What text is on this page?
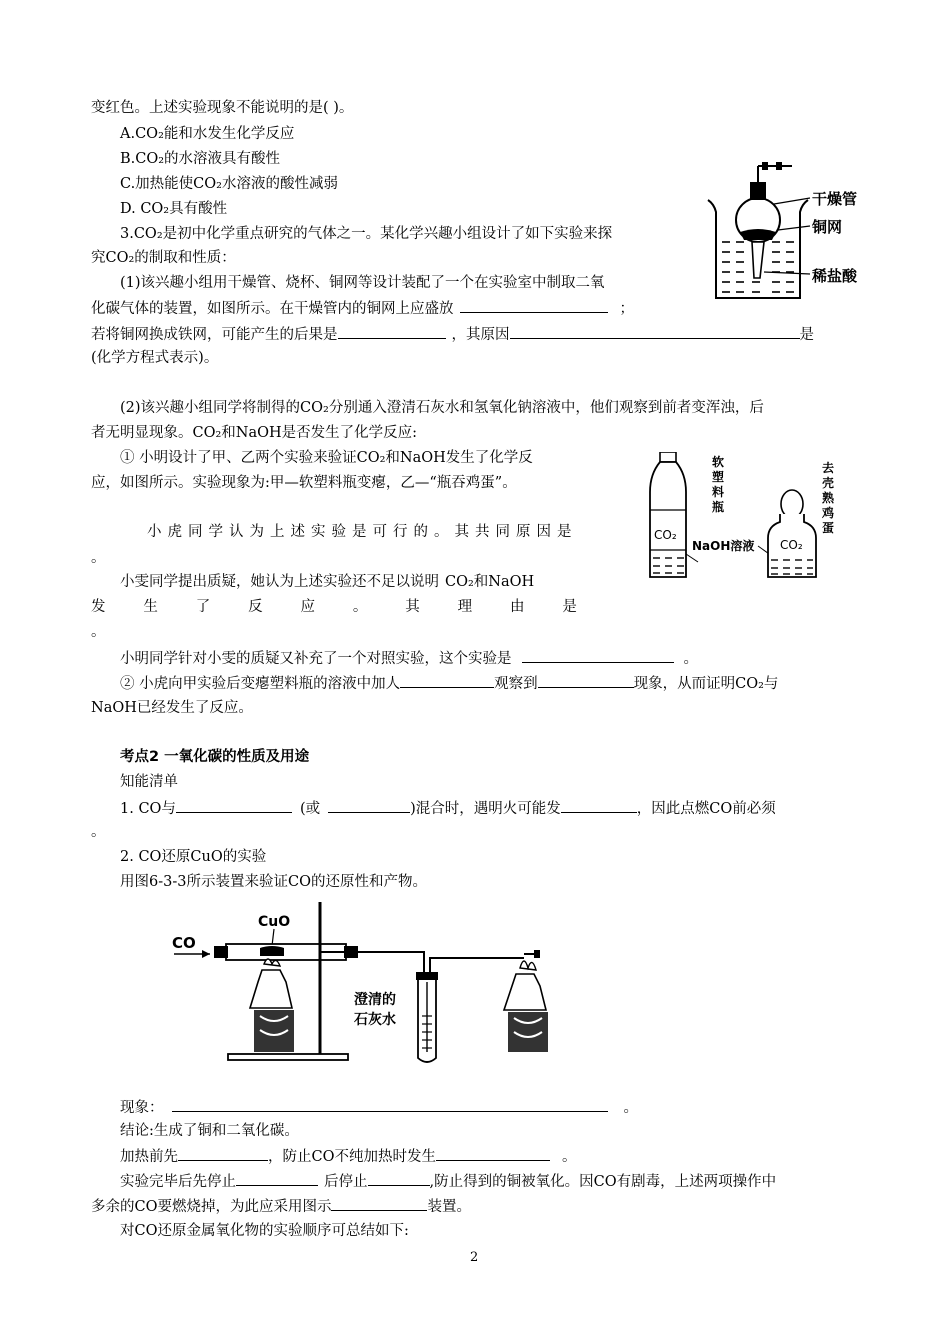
变红色。上述实验现象不能说明的是( )。
A.CO₂能和水发生化学反应
B.CO₂的水溶液具有酸性
C.加热能使CO₂水溶液的酸性减弱
D. CO₂具有酸性
3.CO₂是初中化学重点研究的气体之一。某化学兴趣小组设计了如下实验来探
究CO₂的制取和性质：
(1)该兴趣小组用干燥管、烧杯、铜网等设计装配了一个在实验室中制取二氧
化碳气体的装置，如图所示。在干燥管内的铜网上应盛放	；
若将铜网换成铁网，可能产生的后果是	，其原因	是
(化学方程式表示)。
(2)该兴趣小组同学将制得的CO₂分别通入澄清石灰水和氢氧化钠溶液中，他们观察到前者变浑浊，后
者无明显现象。CO₂和NaOH是否发生了化学反应:
① 小明设计了甲、乙两个实验来验证CO₂和NaOH发生了化学反
应，如图所示。实验现象为:甲—软塑料瓶变瘪，乙—“瓶吞鸡蛋”。
小虎同学认为上述实验是可行的。其共同原因是
。
小雯同学提出质疑，她认为上述实验还不足以说明 CO₂和NaOH
发	生	了	反	应	。	其	理	由	是
。
小明同学针对小雯的质疑又补充了一个对照实验，这个实验是	。
② 小虎向甲实验后变瘪塑料瓶的溶液中加人	观察到	现象，从而证明CO₂与
NaOH已经发生了反应。
考点2 一氧化碳的性质及用途
知能清单
1. CO与	(或	)混合时，遇明火可能发	，因此点燃CO前必须
。
2. CO还原CuO的实验
用图6-3-3所示装置来验证CO的还原性和产物。
现象：	。
结论:生成了铜和二氧化碳。
加热前先	，防止CO不纯加热时发生	。
实验完毕后先停止	后停止	,防止得到的铜被氧化。因CO有剧毒，上述两项操作中
多余的CO要燃烧掉，为此应采用图示	装置。
对CO还原金属氧化物的实验顺序可总结如下:
2
干燥管
铜网
稀盐酸
CO₂
软
塑
料
瓶
NaOH溶液 CO₂
去
壳
熟
鸡
蛋
CO
CuO
澄清的
石灰水
